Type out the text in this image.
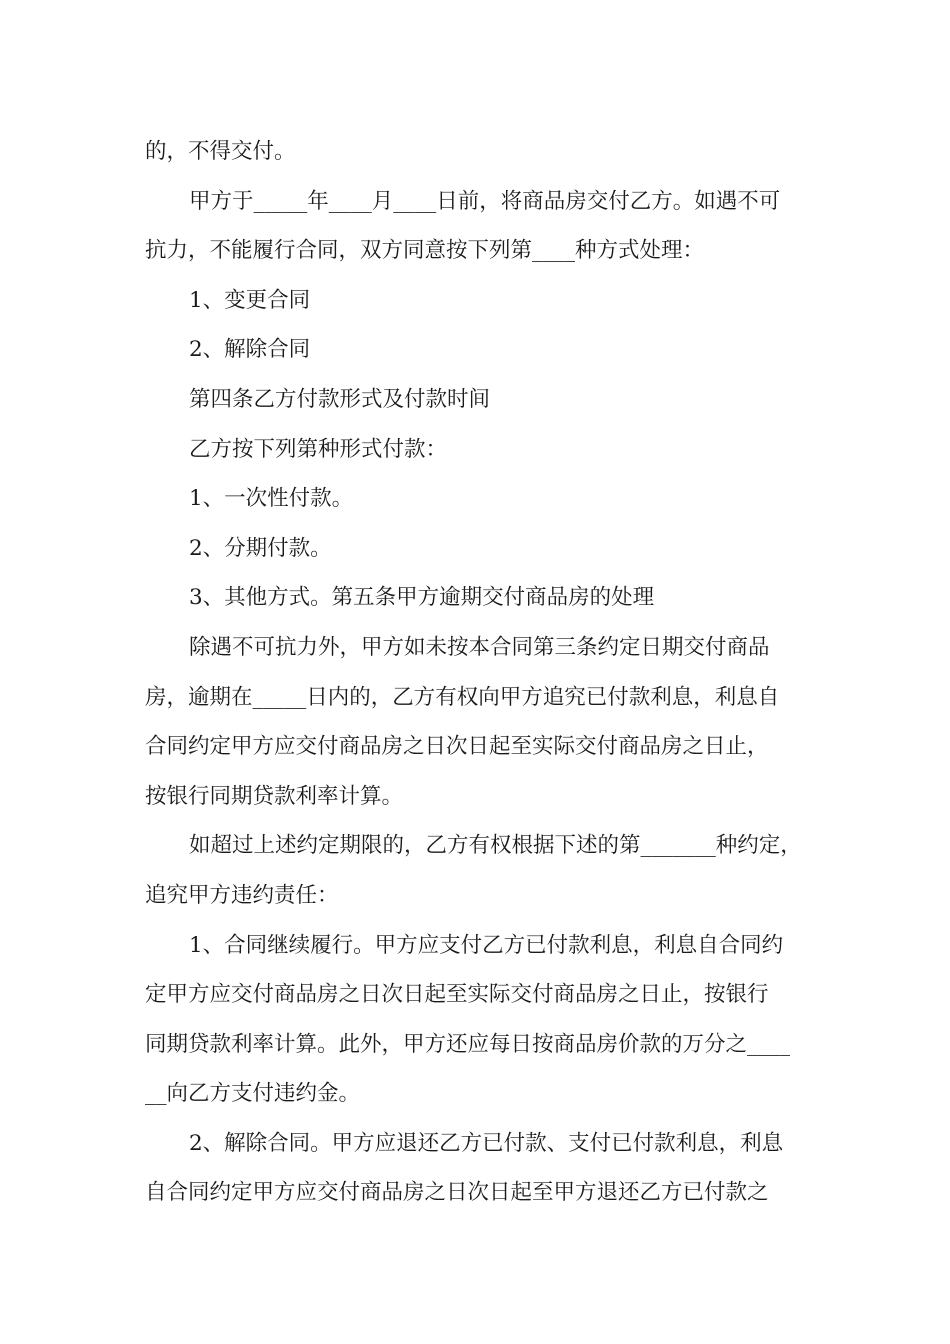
的，不得交付。
甲方于_____年____月____日前，将商品房交付乙方。如遇不可
抗力，不能履行合同，双方同意按下列第____种方式处理：
1、变更合同
2、解除合同
第四条乙方付款形式及付款时间
乙方按下列第种形式付款：
1、一次性付款。
2、分期付款。
3、其他方式。第五条甲方逾期交付商品房的处理
除遇不可抗力外，甲方如未按本合同第三条约定日期交付商品
房，逾期在_____日内的，乙方有权向甲方追究已付款利息，利息自
合同约定甲方应交付商品房之日次日起至实际交付商品房之日止，
按银行同期贷款利率计算。
如超过上述约定期限的，乙方有权根据下述的第_______种约定，
追究甲方违约责任：
1、合同继续履行。甲方应支付乙方已付款利息，利息自合同约
定甲方应交付商品房之日次日起至实际交付商品房之日止，按银行
同期贷款利率计算。此外，甲方还应每日按商品房价款的万分之____
__向乙方支付违约金。
2、解除合同。甲方应退还乙方已付款、支付已付款利息，利息
自合同约定甲方应交付商品房之日次日起至甲方退还乙方已付款之
